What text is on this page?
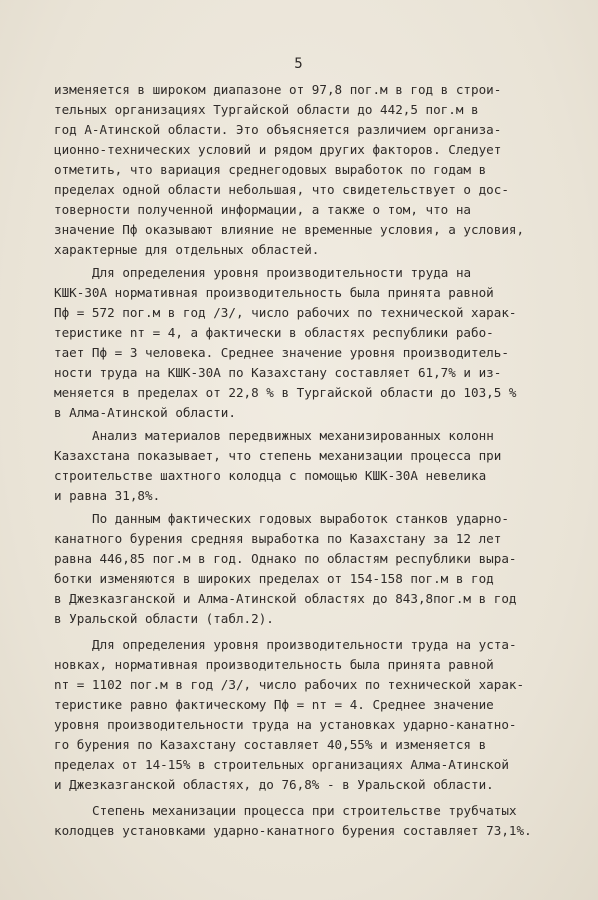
5
изменяется в широком диапазоне от 97,8 пог.м в год в строи-
тельных организациях Тургайской области до 442,5 пог.м в
год А-Атинской области. Это объясняется различием организа-
ционно-технических условий и рядом других факторов. Следует
отметить, что вариация среднегодовых выработок по годам в
пределах одной области небольшая, что свидетельствует о дос-
товерности полученной информации, а также о том, что на
значение Пф оказывают влияние не временные условия, а условия,
характерные для отдельных областей.
Для определения уровня производительности труда на
КШК-30А нормативная производительность была принята равной
Пф = 572 пог.м в год /3/, число рабочих по технической харак-
теристике nт = 4, а фактически в областях республики рабо-
тает Пф = 3 человека. Среднее значение уровня производитель-
ности труда на КШК-30А по Казахстану составляет 61,7% и из-
меняется в пределах от 22,8 % в Тургайской области до 103,5 %
в Алма-Атинской области.
Анализ материалов передвижных механизированных колонн
Казахстана показывает, что степень механизации процесса при
строительстве шахтного колодца с помощью КШК-30А невелика
и равна 31,8%.
По данным фактических годовых выработок станков ударно-
канатного бурения средняя выработка по Казахстану за 12 лет
равна 446,85 пог.м в год. Однако по областям республики выра-
ботки изменяются в широких пределах от 154-158 пог.м в год
в Джезказганской и Алма-Атинской областях до 843,8пог.м в год
в Уральской области (табл.2).
Для определения уровня производительности труда на уста-
новках, нормативная производительность была принята равной
nт = 1102 пог.м в год /3/, число рабочих по технической харак-
теристике равно фактическому Пф = nт = 4. Среднее значение
уровня производительности труда на установках ударно-канатно-
го бурения по Казахстану составляет 40,55% и изменяется в
пределах от 14-15% в строительных организациях Алма-Атинской
и Джезказганской областях, до 76,8% - в Уральской области.
Степень механизации процесса при строительстве трубчатых
колодцев установками ударно-канатного бурения составляет 73,1%.
